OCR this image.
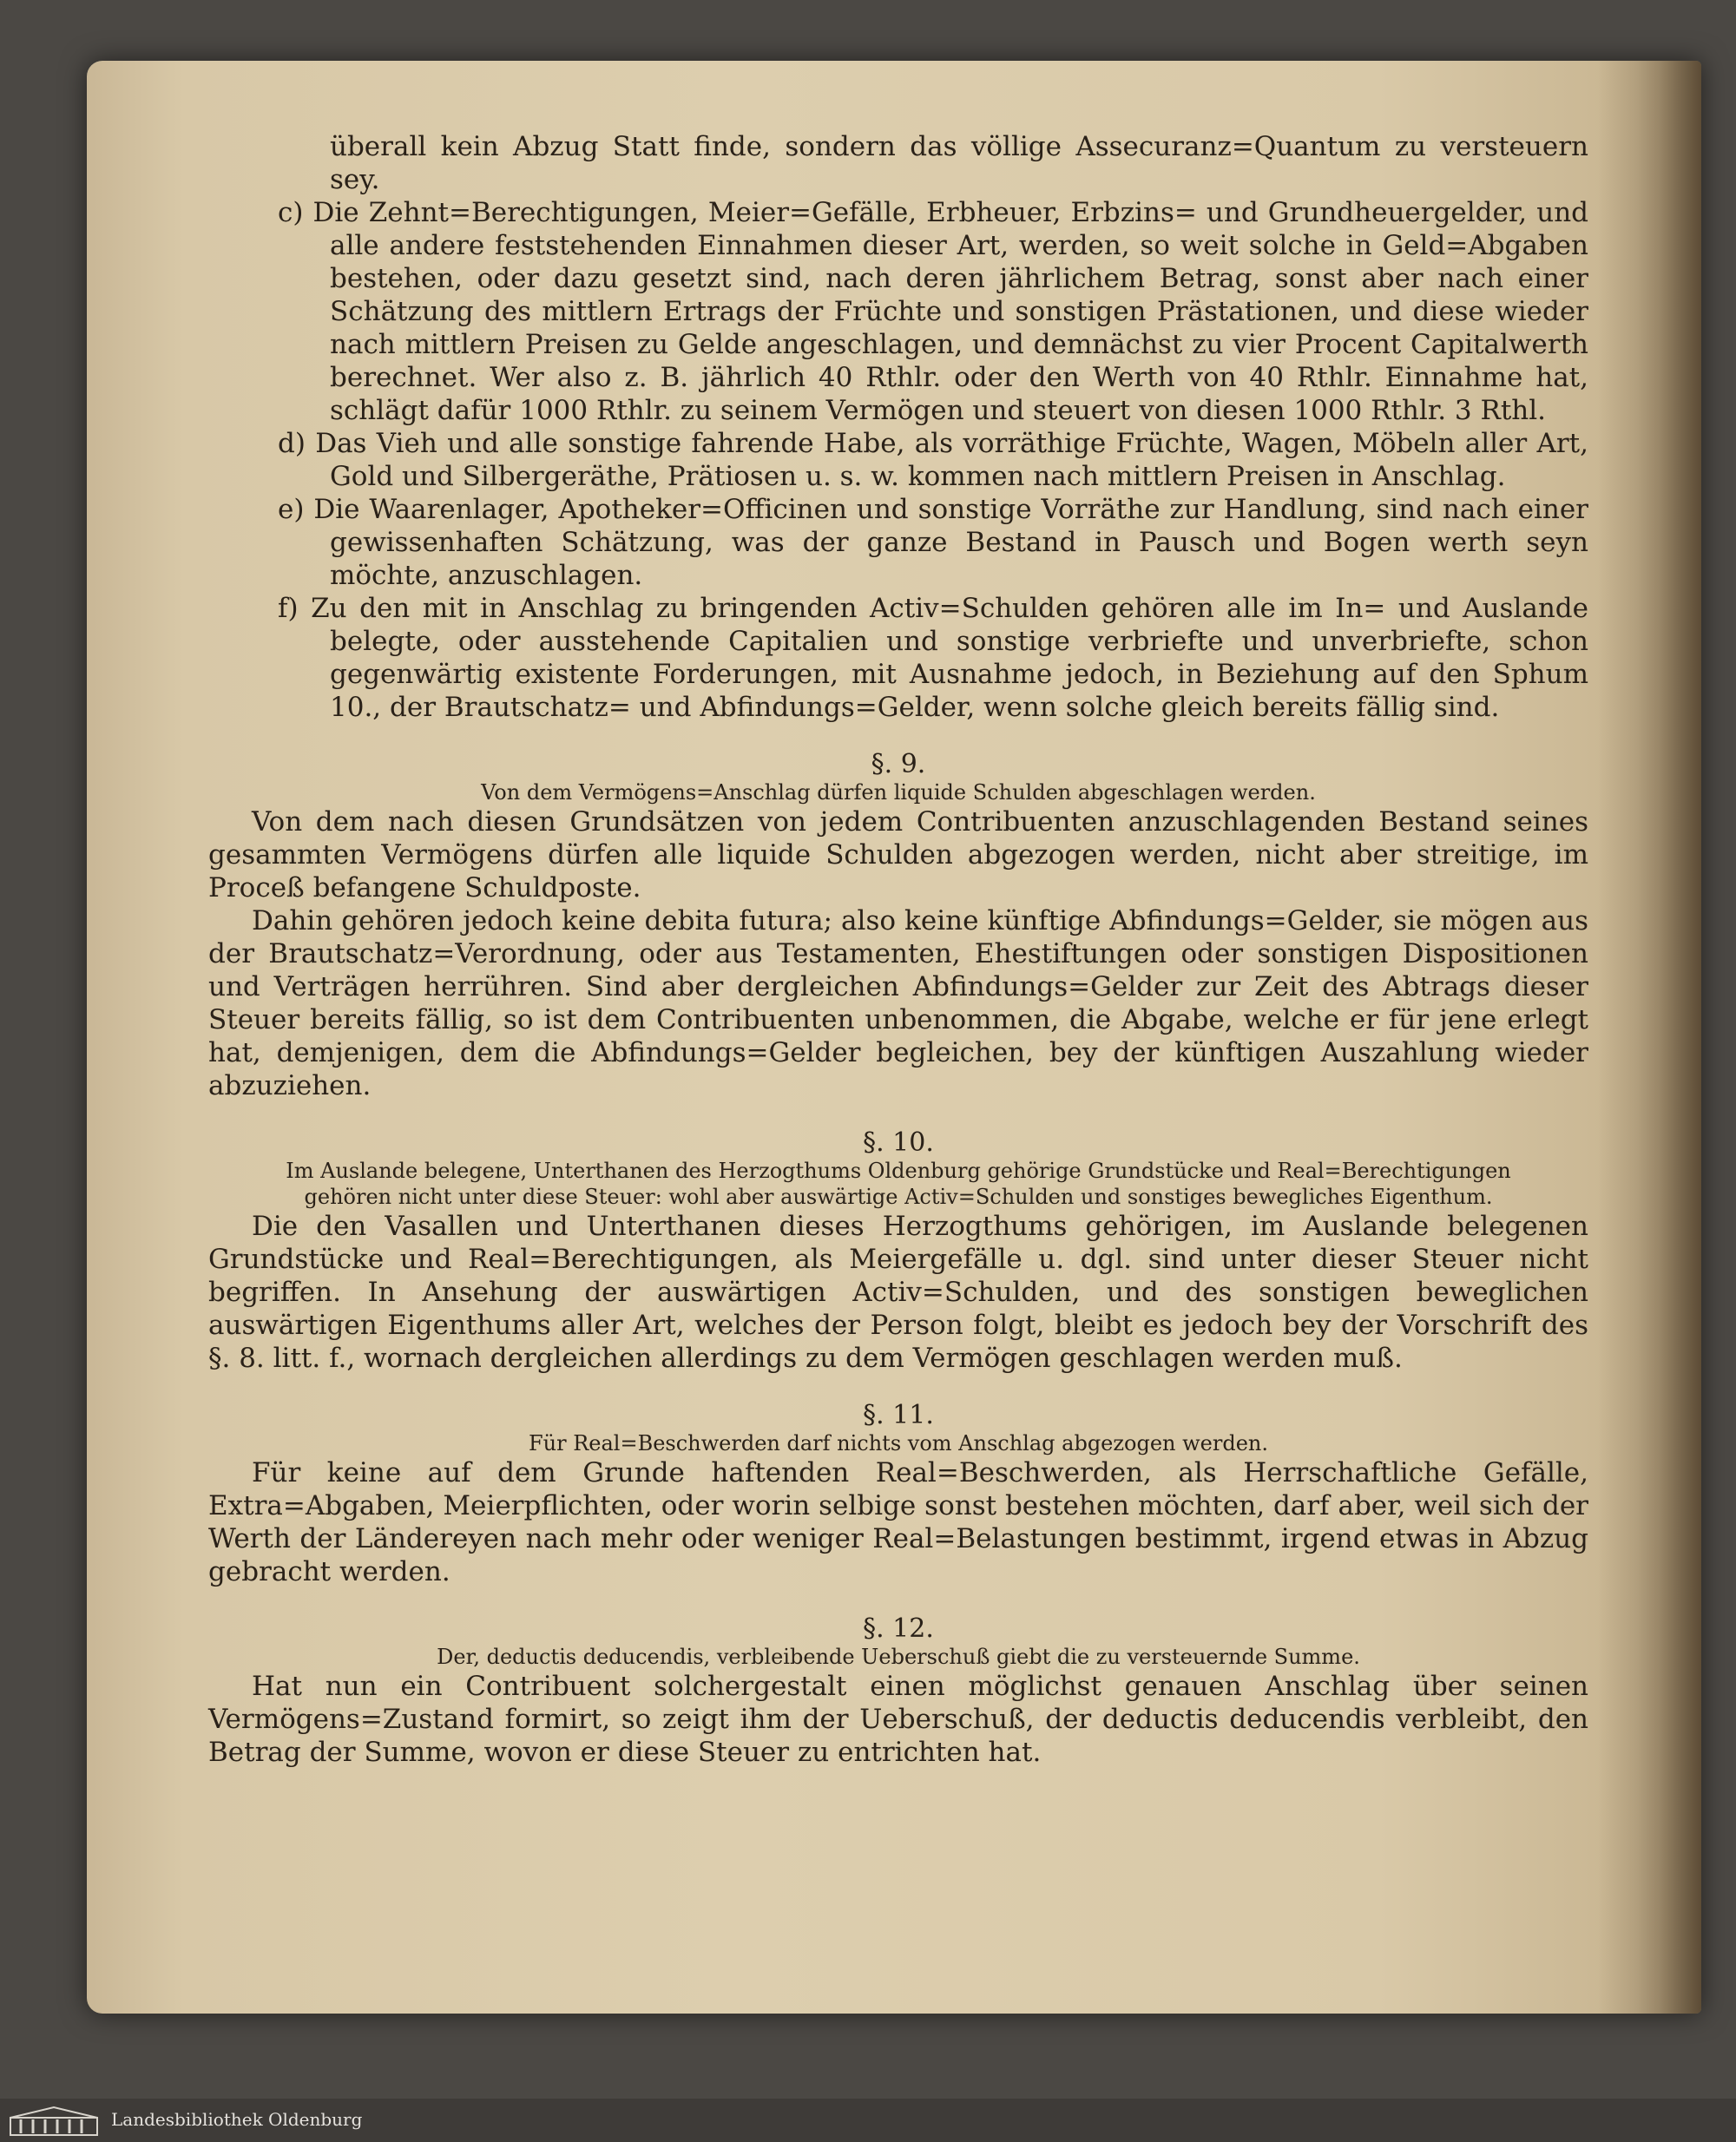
überall kein Abzug Statt finde, sondern das völlige Assecuranz=Quantum zu versteuern sey.

c) Die Zehnt=Berechtigungen, Meier=Gefälle, Erbheuer, Erbzins= und Grundheuergelder, und alle andere feststehenden Einnahmen dieser Art, werden, so weit solche in Geld=Abgaben bestehen, oder dazu gesetzt sind, nach deren jährlichem Betrag, sonst aber nach einer Schätzung des mittlern Ertrags der Früchte und sonstigen Prästationen, und diese wieder nach mittlern Preisen zu Gelde angeschlagen, und demnächst zu vier Procent Capitalwerth berechnet. Wer also z. B. jährlich 40 Rthlr. oder den Werth von 40 Rthlr. Einnahme hat, schlägt dafür 1000 Rthlr. zu seinem Vermögen und steuert von diesen 1000 Rthlr. 3 Rthl.

d) Das Vieh und alle sonstige fahrende Habe, als vorräthige Früchte, Wagen, Möbeln aller Art, Gold und Silbergeräthe, Prätiosen u. s. w. kommen nach mittlern Preisen in Anschlag.

e) Die Waarenlager, Apotheker=Officinen und sonstige Vorräthe zur Handlung, sind nach einer gewissenhaften Schätzung, was der ganze Bestand in Pausch und Bogen werth seyn möchte, anzuschlagen.

f) Zu den mit in Anschlag zu bringenden Activ=Schulden gehören alle im In= und Auslande belegte, oder ausstehende Capitalien und sonstige verbriefte und unverbriefte, schon gegenwärtig existente Forderungen, mit Ausnahme jedoch, in Beziehung auf den Sphum 10., der Brautschatz= und Abfindungs=Gelder, wenn solche gleich bereits fällig sind.

§. 9.
Von dem Vermögens=Anschlag dürfen liquide Schulden abgeschlagen werden.

Von dem nach diesen Grundsätzen von jedem Contribuenten anzuschlagenden Bestand seines gesammten Vermögens dürfen alle liquide Schulden abgezogen werden, nicht aber streitige, im Proceß befangene Schuldposte.

Dahin gehören jedoch keine debita futura; also keine künftige Abfindungs=Gelder, sie mögen aus der Brautschatz=Verordnung, oder aus Testamenten, Ehestiftungen oder sonstigen Dispositionen und Verträgen herrühren. Sind aber dergleichen Abfindungs=Gelder zur Zeit des Abtrags dieser Steuer bereits fällig, so ist dem Contribuenten unbenommen, die Abgabe, welche er für jene erlegt hat, demjenigen, dem die Abfindungs=Gelder begleichen, bey der künftigen Auszahlung wieder abzuziehen.

§. 10.
Im Auslande belegene, Unterthanen des Herzogthums Oldenburg gehörige Grundstücke und Real=Berechtigungen gehören nicht unter diese Steuer: wohl aber auswärtige Activ=Schulden und sonstiges bewegliches Eigenthum.

Die den Vasallen und Unterthanen dieses Herzogthums gehörigen, im Auslande belegenen Grundstücke und Real=Berechtigungen, als Meiergefälle u. dgl. sind unter dieser Steuer nicht begriffen. In Ansehung der auswärtigen Activ=Schulden, und des sonstigen beweglichen auswärtigen Eigenthums aller Art, welches der Person folgt, bleibt es jedoch bey der Vorschrift des §. 8. litt. f., wornach dergleichen allerdings zu dem Vermögen geschlagen werden muß.

§. 11.
Für Real=Beschwerden darf nichts vom Anschlag abgezogen werden.

Für keine auf dem Grunde haftenden Real=Beschwerden, als Herrschaftliche Gefälle, Extra=Abgaben, Meierpflichten, oder worin selbige sonst bestehen möchten, darf aber, weil sich der Werth der Ländereyen nach mehr oder weniger Real=Belastungen bestimmt, irgend etwas in Abzug gebracht werden.

§. 12.
Der, deductis deducendis, verbleibende Ueberschuß giebt die zu versteuernde Summe.

Hat nun ein Contribuent solchergestalt einen möglichst genauen Anschlag über seinen Vermögens=Zustand formirt, so zeigt ihm der Ueberschuß, der deductis deducendis verbleibt, den Betrag der Summe, wovon er diese Steuer zu entrichten hat.

Landesbibliothek Oldenburg
